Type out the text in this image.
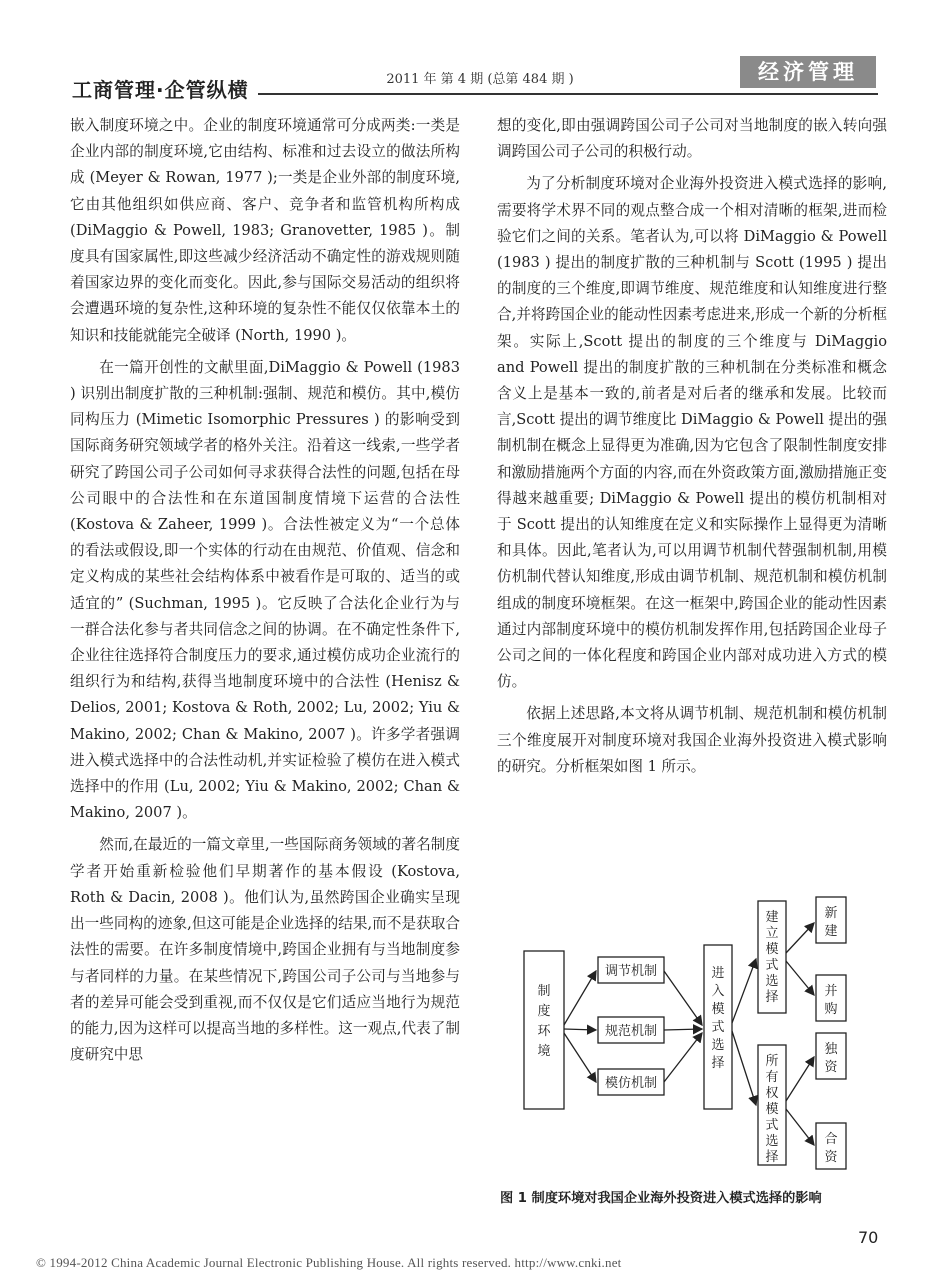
工商管理·企管纵横	2011 年 第 4 期 (总第 484 期 )	经济管理

嵌入制度环境之中。企业的制度环境通常可分成两类:一类是企业内部的制度环境,它由结构、标准和过去设立的做法所构成 (Meyer & Rowan, 1977 );一类是企业外部的制度环境,它由其他组织如供应商、客户、竞争者和监管机构所构成 (DiMaggio & Powell, 1983; Granovetter, 1985 )。制度具有国家属性,即这些减少经济活动不确定性的游戏规则随着国家边界的变化而变化。因此,参与国际交易活动的组织将会遭遇环境的复杂性,这种环境的复杂性不能仅仅依靠本土的知识和技能就能完全破译 (North, 1990 )。

在一篇开创性的文献里面,DiMaggio & Powell (1983 ) 识别出制度扩散的三种机制:强制、规范和模仿。其中,模仿同构压力 (Mimetic Isomorphic Pressures ) 的影响受到国际商务研究领域学者的格外关注。沿着这一线索,一些学者研究了跨国公司子公司如何寻求获得合法性的问题,包括在母公司眼中的合法性和在东道国制度情境下运营的合法性 (Kostova & Zaheer, 1999 )。合法性被定义为“一个总体的看法或假设,即一个实体的行动在由规范、价值观、信念和定义构成的某些社会结构体系中被看作是可取的、适当的或适宜的” (Suchman, 1995 )。它反映了合法化企业行为与一群合法化参与者共同信念之间的协调。在不确定性条件下,企业往往选择符合制度压力的要求,通过模仿成功企业流行的组织行为和结构,获得当地制度环境中的合法性 (Henisz & Delios, 2001; Kostova & Roth, 2002; Lu, 2002; Yiu & Makino, 2002; Chan & Makino, 2007 )。许多学者强调进入模式选择中的合法性动机,并实证检验了模仿在进入模式选择中的作用 (Lu, 2002; Yiu & Makino, 2002; Chan & Makino, 2007 )。

然而,在最近的一篇文章里,一些国际商务领域的著名制度学者开始重新检验他们早期著作的基本假设 (Kostova, Roth & Dacin, 2008 )。他们认为,虽然跨国企业确实呈现出一些同构的迹象,但这可能是企业选择的结果,而不是获取合法性的需要。在许多制度情境中,跨国企业拥有与当地制度参与者同样的力量。在某些情况下,跨国公司子公司与当地参与者的差异可能会受到重视,而不仅仅是它们适应当地行为规范的能力,因为这样可以提高当地的多样性。这一观点,代表了制度研究中思

想的变化,即由强调跨国公司子公司对当地制度的嵌入转向强调跨国公司子公司的积极行动。

为了分析制度环境对企业海外投资进入模式选择的影响,需要将学术界不同的观点整合成一个相对清晰的框架,进而检验它们之间的关系。笔者认为,可以将 DiMaggio & Powell (1983 ) 提出的制度扩散的三种机制与 Scott (1995 ) 提出的制度的三个维度,即调节维度、规范维度和认知维度进行整合,并将跨国企业的能动性因素考虑进来,形成一个新的分析框架。实际上,Scott 提出的制度的三个维度与 DiMaggio and Powell 提出的制度扩散的三种机制在分类标准和概念含义上是基本一致的,前者是对后者的继承和发展。比较而言,Scott 提出的调节维度比 DiMaggio & Powell 提出的强制机制在概念上显得更为准确,因为它包含了限制性制度安排和激励措施两个方面的内容,而在外资政策方面,激励措施正变得越来越重要; DiMaggio & Powell 提出的模仿机制相对于 Scott 提出的认知维度在定义和实际操作上显得更为清晰和具体。因此,笔者认为,可以用调节机制代替强制机制,用模仿机制代替认知维度,形成由调节机制、规范机制和模仿机制组成的制度环境框架。在这一框架中,跨国企业的能动性因素通过内部制度环境中的模仿机制发挥作用,包括跨国企业母子公司之间的一体化程度和跨国企业内部对成功进入方式的模仿。

依据上述思路,本文将从调节机制、规范机制和模仿机制三个维度展开对制度环境对我国企业海外投资进入模式影响的研究。分析框架如图 1 所示。

制
度
环
境
调节机制
规范机制
模仿机制
进
入
模
式
选
择
建
立
模
式
选
择
所
有
权
模
式
选
择
新
建
并
购
独
资
合
资
图 1 制度环境对我国企业海外投资进入模式选择的影响
70
© 1994-2012 China Academic Journal Electronic Publishing House. All rights reserved. http://www.cnki.net
